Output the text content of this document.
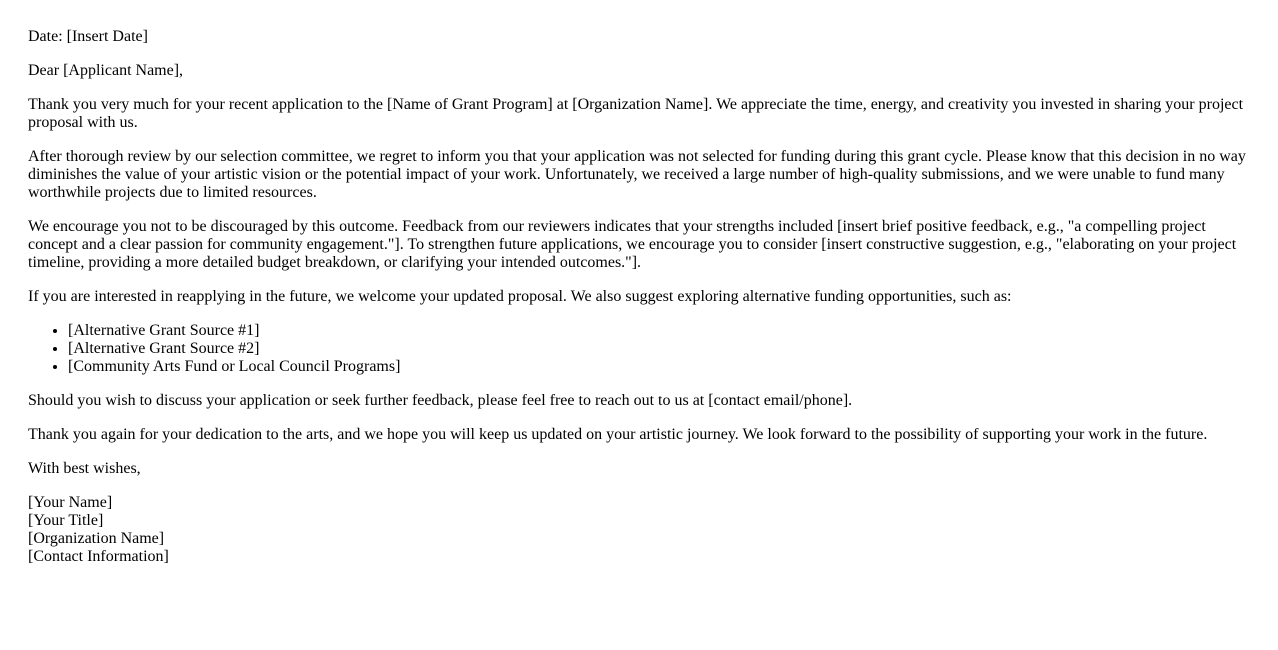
Date: [Insert Date]

Dear [Applicant Name],

Thank you very much for your recent application to the [Name of Grant Program] at [Organization Name]. We appreciate the time, energy, and creativity you invested in sharing your project proposal with us.

After thorough review by our selection committee, we regret to inform you that your application was not selected for funding during this grant cycle. Please know that this decision in no way diminishes the value of your artistic vision or the potential impact of your work. Unfortunately, we received a large number of high-quality submissions, and we were unable to fund many worthwhile projects due to limited resources.

We encourage you not to be discouraged by this outcome. Feedback from our reviewers indicates that your strengths included [insert brief positive feedback, e.g., "a compelling project concept and a clear passion for community engagement."]. To strengthen future applications, we encourage you to consider [insert constructive suggestion, e.g., "elaborating on your project timeline, providing a more detailed budget breakdown, or clarifying your intended outcomes."].

If you are interested in reapplying in the future, we welcome your updated proposal. We also suggest exploring alternative funding opportunities, such as:

• [Alternative Grant Source #1]
• [Alternative Grant Source #2]
• [Community Arts Fund or Local Council Programs]

Should you wish to discuss your application or seek further feedback, please feel free to reach out to us at [contact email/phone].

Thank you again for your dedication to the arts, and we hope you will keep us updated on your artistic journey. We look forward to the possibility of supporting your work in the future.

With best wishes,

[Your Name]

[Your Title]

[Organization Name]

[Contact Information]
